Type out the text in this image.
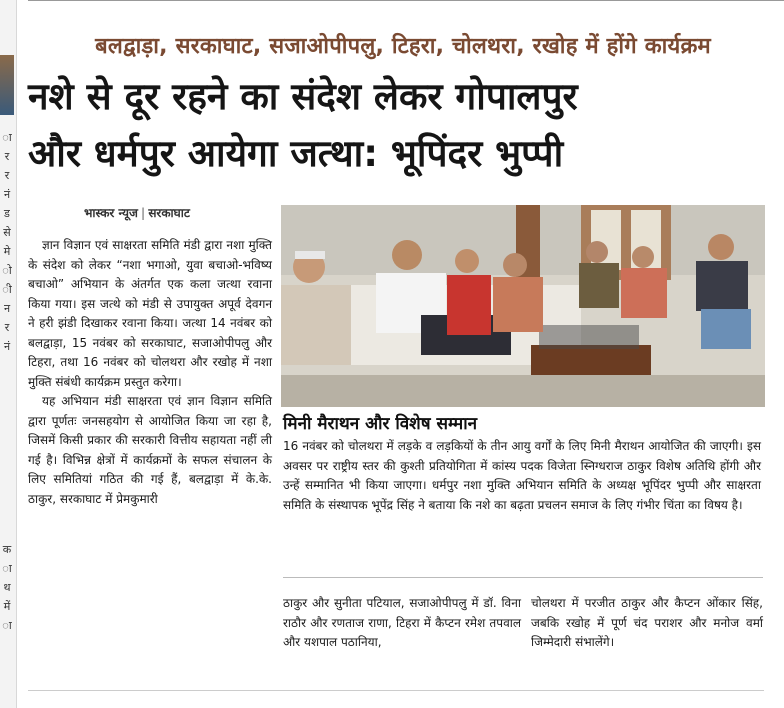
ा
र
र
नं
ड
से
मे
ो
ी
न
र
नं
क
ा
थ
में
ा
बलद्वाड़ा, सरकाघाट, सजाओपीपलु, टिहरा, चोलथरा, रखोह में होंगे कार्यक्रम
नशे से दूर रहने का संदेश लेकर गोपालपुर
और धर्मपुर आयेगा जत्था: भूपिंदर भुप्पी
भास्कर न्यूज | सरकाघाट

ज्ञान विज्ञान एवं साक्षरता समिति मंडी द्वारा नशा मुक्ति के संदेश को लेकर “नशा भगाओ, युवा बचाओ-भविष्य बचाओ” अभियान के अंतर्गत एक कला जत्था रवाना किया गया। इस जत्थे को मंडी से उपायुक्त अपूर्व देवगन ने हरी झंडी दिखाकर रवाना किया। जत्था 14 नवंबर को बलद्वाड़ा, 15 नवंबर को सरकाघाट, सजाओपीपलु और टिहरा, तथा 16 नवंबर को चोलथरा और रखोह में नशा मुक्ति संबंधी कार्यक्रम प्रस्तुत करेगा।

यह अभियान मंडी साक्षरता एवं ज्ञान विज्ञान समिति द्वारा पूर्णतः जनसहयोग से आयोजित किया जा रहा है, जिसमें किसी प्रकार की सरकारी वित्तीय सहायता नहीं ली गई है। विभिन्न क्षेत्रों में कार्यक्रमों के सफल संचालन के लिए समितियां गठित की गई हैं, बलद्वाड़ा में के.के. ठाकुर, सरकाघाट में प्रेमकुमारी

मिनी मैराथन और विशेष सम्मान
16 नवंबर को चोलथरा में लड़के व लड़कियों के तीन आयु वर्गों के लिए मिनी मैराथन आयोजित की जाएगी। इस अवसर पर राष्ट्रीय स्तर की कुश्ती प्रतियोगिता में कांस्य पदक विजेता स्निग्धराज ठाकुर विशेष अतिथि होंगी और उन्हें सम्मानित भी किया जाएगा। धर्मपुर नशा मुक्ति अभियान समिति के अध्यक्ष भूपिंदर भुप्पी और साक्षरता समिति के संस्थापक भूपेंद्र सिंह ने बताया कि नशे का बढ़ता प्रचलन समाज के लिए गंभीर चिंता का विषय है।
ठाकुर और सुनीता पटियाल, सजाओपीपलु में डॉ. विना राठौर और रणताज राणा, टिहरा में कैप्टन रमेश तपवाल और यशपाल पठानिया,
चोलथरा में परजीत ठाकुर और कैप्टन ओंकार सिंह, जबकि रखोह में पूर्ण चंद पराशर और मनोज वर्मा जिम्मेदारी संभालेंगे।
